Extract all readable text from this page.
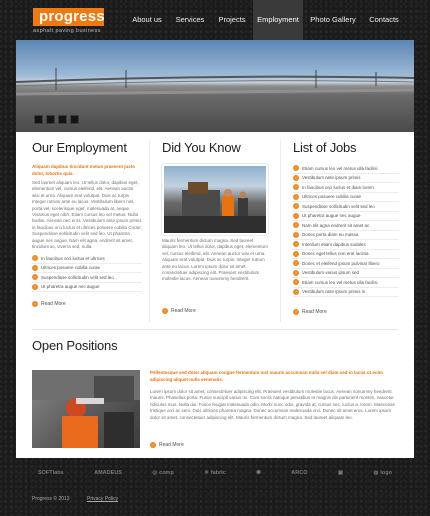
progress
asphalt paving business
About us	Services	Projects	Employment	Photo Gallery	Contacts
Our Employment
Aliquam dapibus tincidunt metus praesent justo dolor, lobortis quis.
Sed laoreet aliquam leo. Ut tellus dolor, dapibus eget, elementum vel, cursus eleifend, elit. Aenean auctor wisi et urna. Aliquam erat volutpat. Duis ac turpis. Integer rutrum ante eu lacus. Vestibulum libero nisl, porta vel, scelerisque eget, malesuada at, neque. Vivamus eget nibh. Etiam cursus leo vel metus. Nulla facilisi. Aenean nec eros. Vestibulum ante ipsum primis in faucibus orci luctus et ultrices posuere cubilia Curae; Suspendisse sollicitudin velit sed leo. Ut pharetra augue nec augue. Nam elit agna, endrerit sit amet, tincidunt ac, viverra sed, nulla.
›	In faucibus orci luctus et ultrices
›	Ultrices posuere cubilia curae
›	Suspendisse sollicitudin velit sed leo
›	Ut pharetra augue nec augue
›	Read More
Did You Know
Mauris fermentum dictum magna. Sed laoreet aliquam leo. Ut tellus dolor, dapibus eget, elementum vel, cursus eleifend, elit. Aenean auctor wisi et urna. Aliquam erat volutpat. Duis ac turpis. Integer rutrum ante eu lacus. Lorem ipsum dolor sit amet, consectetuer adipiscing elit. Praesent vestibulum molestie lacus. Aenean nonummy hendrerit.
›	Read More
List of Jobs
›	Etiam cursus leo vel metus ulla facilisi
›	Vestibulum ante ipsum primis
›	In faucibus orci luctus et diam lorem
›	Ultrices posuere cubilia curae
›	Suspendisse sollicitudin velit sed leo
›	Ut pharetra augue nec augue
›	Nam elit agna endrerit sit amet ac
›	Donec porta diam eu massa
›	Interdum etiam dapibus sodales
›	Donec eget tellus non erat lacinia
›	Donec et eleifend ipsum pulvinar libero
›	Vestibulum varius ipsum sed
›	Etiam cursus leo vel metus ulla facilisi
›	Vestibulum ante ipsum primis in
›	Read More
Open Positions
Pellentesque sed dolor aliquam congue fermentum nisl mauris accumsan nulla vel diam sed in lacus ut enim adipiscing aliquet nulla venenatis.
Lorem ipsum dolor sit amet, consectetuer adipiscing elit. Praesent vestibulum molestie lacus. Aenean nonummy hendrerit mauris. Phasellus porta. Fusce suscipit varius mi. Cum sociis natoque penatibus et magnis dis parturient montes, nascetur ridiculus mus. Nulla dui. Fusce feugiat malesuada odio. Morbi nunc odio, gravida at, cursus nec, luctus a, lorem. Maecenas tristique orci ac sem. Duis ultricies pharetra magna. Donec accumsan malesuada orci. Donec sit amet eros. Lorem ipsum dolor sit amet, consectetuer adipiscing elit. Mauris fermentum dictum magna. Sed laoreet aliquam leo.
›	Read More
SOFTlabs	AMADEUS	◎ comp	✳ fabric	✺	ARCO	▣	◍ logo
Progress © 2013	Privacy Policy
